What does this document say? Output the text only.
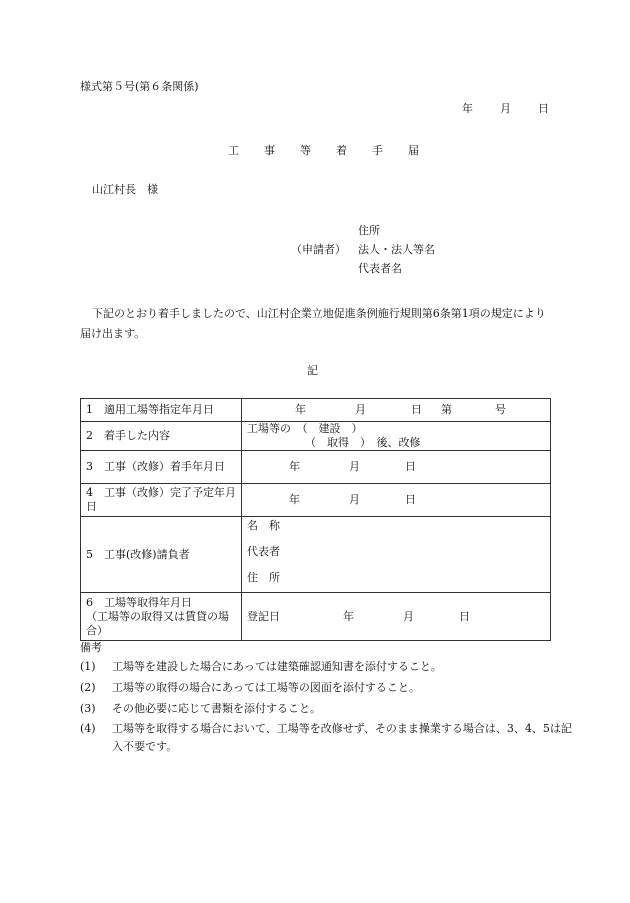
様式第５号(第６条関係)
年 月 日
工 事 等 着 手 届
山江村長　様
住所
（申請者） 法人・法人等名
代表者名
下記のとおり着手しましたので、山江村企業立地促進条例施行規則第6条第1項の規定により届け出ます。
記
1　適用工場等指定年月日	年 月 日 第 号
2　着手した内容	工場等の　（　建設　）
（　取得　）　後、改修

3　工事（改修）着手年月日	年 月 日
4　工事（改修）完了予定年月日	年 月 日
5　工事(改修)請負者	名　称
代表者
住　所

6　工場等取得年月日
（工場等の取得又は賃貸の場合）	登記日 年 月 日
備考
(1) 工場等を建設した場合にあっては建築確認通知書を添付すること。
(2) 工場等の取得の場合にあっては工場等の図面を添付すること。
(3) その他必要に応じて書類を添付すること。
(4) 工場等を取得する場合において、工場等を改修せず、そのまま操業する場合は、3、4、5は記入不要です。
